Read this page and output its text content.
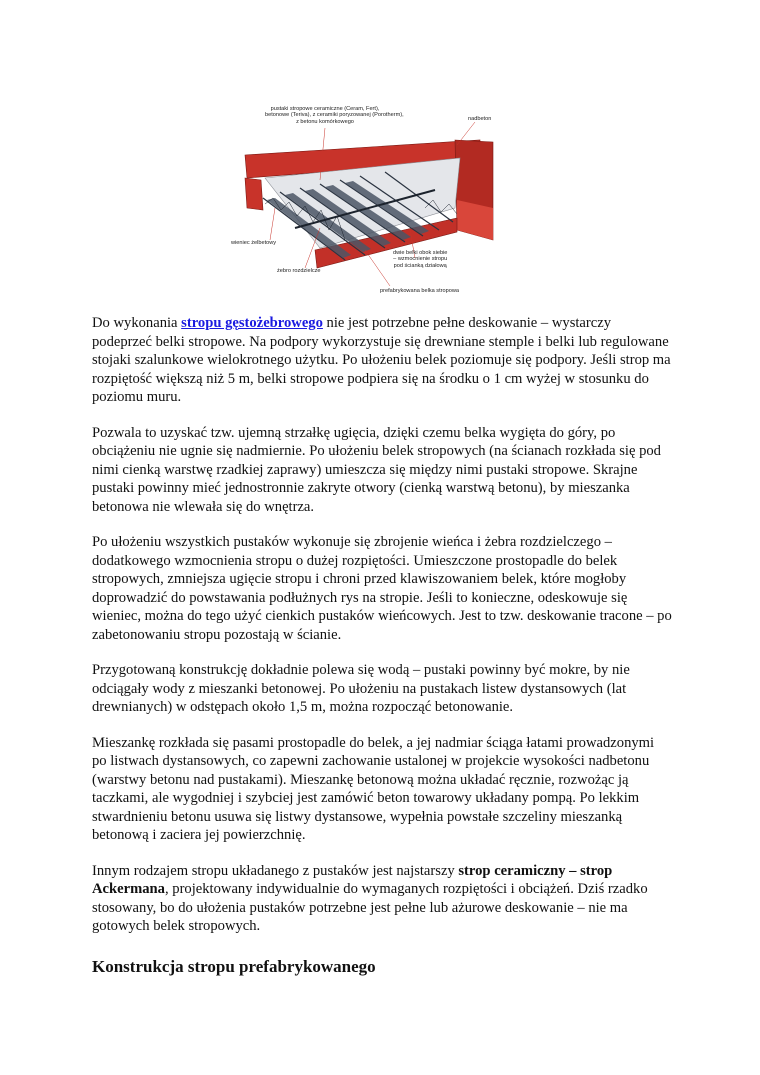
pustaki stropowe ceramiczne (Ceram, Fert),
betonowe (Teriva), z ceramiki poryzowanej (Porotherm),
z betonu komórkowego	nadbeton
wieniec żelbetowy
żebro rozdzielcze
dwie belki obok siebie
– wzmocnienie stropu
pod ścianką działową
prefabrykowana belka stropowa

Do wykonania stropu gęstożebrowego nie jest potrzebne pełne deskowanie – wystarczy podeprzeć belki stropowe. Na podpory wykorzystuje się drewniane stemple i belki lub regulowane stojaki szalunkowe wielokrotnego użytku. Po ułożeniu belek poziomuje się podpory. Jeśli strop ma rozpiętość większą niż 5 m, belki stropowe podpiera się na środku o 1 cm wyżej w stosunku do poziomu muru.

Pozwala to uzyskać tzw. ujemną strzałkę ugięcia, dzięki czemu belka wygięta do góry, po obciążeniu nie ugnie się nadmiernie. Po ułożeniu belek stropowych (na ścianach rozkłada się pod nimi cienką warstwę rzadkiej zaprawy) umieszcza się między nimi pustaki stropowe. Skrajne pustaki powinny mieć jednostronnie zakryte otwory (cienką warstwą betonu), by mieszanka betonowa nie wlewała się do wnętrza.

Po ułożeniu wszystkich pustaków wykonuje się zbrojenie wieńca i żebra rozdzielczego – dodatkowego wzmocnienia stropu o dużej rozpiętości. Umieszczone prostopadle do belek stropowych, zmniejsza ugięcie stropu i chroni przed klawiszowaniem belek, które mogłoby doprowadzić do powstawania podłużnych rys na stropie. Jeśli to konieczne, odeskowuje się wieniec, można do tego użyć cienkich pustaków wieńcowych. Jest to tzw. deskowanie tracone – po zabetonowaniu stropu pozostają w ścianie.

Przygotowaną konstrukcję dokładnie polewa się wodą – pustaki powinny być mokre, by nie odciągały wody z mieszanki betonowej. Po ułożeniu na pustakach listew dystansowych (lat drewnianych) w odstępach około 1,5 m, można rozpocząć betonowanie.

Mieszankę rozkłada się pasami prostopadle do belek, a jej nadmiar ściąga łatami prowadzonymi po listwach dystansowych, co zapewni zachowanie ustalonej w projekcie wysokości nadbetonu (warstwy betonu nad pustakami). Mieszankę betonową można układać ręcznie, rozwożąc ją taczkami, ale wygodniej i szybciej jest zamówić beton towarowy układany pompą. Po lekkim stwardnieniu betonu usuwa się listwy dystansowe, wypełnia powstałe szczeliny mieszanką betonową i zaciera jej powierzchnię.

Innym rodzajem stropu układanego z pustaków jest najstarszy strop ceramiczny – strop Ackermana, projektowany indywidualnie do wymaganych rozpiętości i obciążeń. Dziś rzadko stosowany, bo do ułożenia pustaków potrzebne jest pełne lub ażurowe deskowanie – nie ma gotowych belek stropowych.

Konstrukcja stropu prefabrykowanego
